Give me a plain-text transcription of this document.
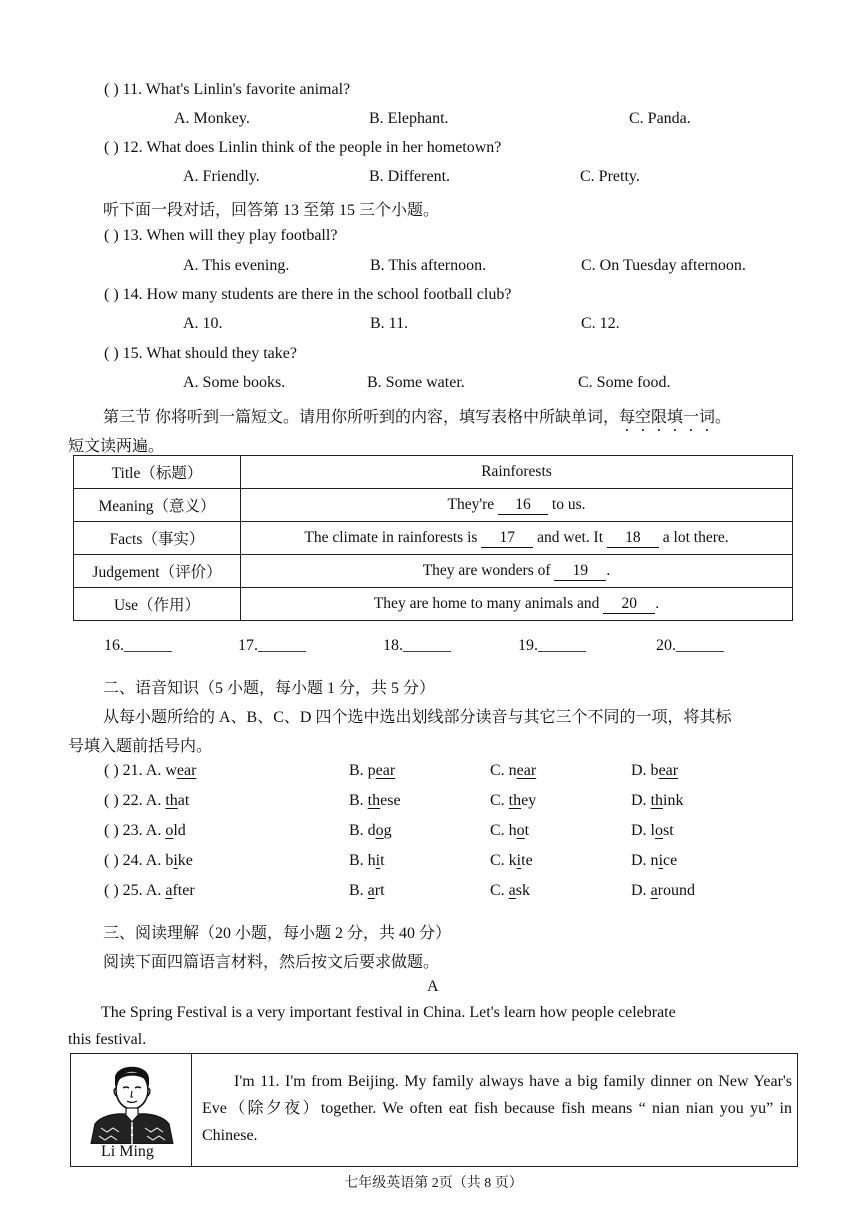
( ) 11. What's Linlin's favorite animal?
A. Monkey.	B. Elephant.	C. Panda.
( ) 12. What does Linlin think of the people in her hometown?
A. Friendly.	B. Different.	C. Pretty.
听下面一段对话，回答第 13 至第 15 三个小题。
( ) 13. When will they play football?
A. This evening.	B. This afternoon.	C. On Tuesday afternoon.
( ) 14. How many students are there in the school football club?
A. 10.	B. 11.	C. 12.
( ) 15. What should they take?
A. Some books.	B. Some water.	C. Some food.
第三节 你将听到一篇短文。请用你所听到的内容，填写表格中所缺单词，每空限填一词。
短文读两遍。
Title（标题）	Rainforests
Meaning（意义）	They're 16 to us.
Facts（事实）	The climate in rainforests is 17 and wet. It 18 a lot there.
Judgement（评价）	They are wonders of 19 .
Use（作用）	They are home to many animals and 20 .
16.______	17.______	18.______	19.______	20.______
二、语音知识（5 小题，每小题 1 分，共 5 分）
从每小题所给的 A、B、C、D 四个选中选出划线部分读音与其它三个不同的一项，将其标
号填入题前括号内。
( ) 21. A. wear	B. pear	C. near	D. bear
( ) 22. A. that	B. these	C. they	D. think
( ) 23. A. old	B. dog	C. hot	D. lost
( ) 24. A. bike	B. hit	C. kite	D. nice
( ) 25. A. after	B. art	C. ask	D. around
三、阅读理解（20 小题，每小题 2 分，共 40 分）
阅读下面四篇语言材料，然后按文后要求做题。
A
The Spring Festival is a very important festival in China. Let's learn how people celebrate
this festival.
Li Ming
I'm 11. I'm from Beijing. My family always have a big family dinner on New Year's Eve（除夕夜）together. We often eat fish because fish means “ nian nian you yu” in Chinese.
七年级英语第 2页（共 8 页）
